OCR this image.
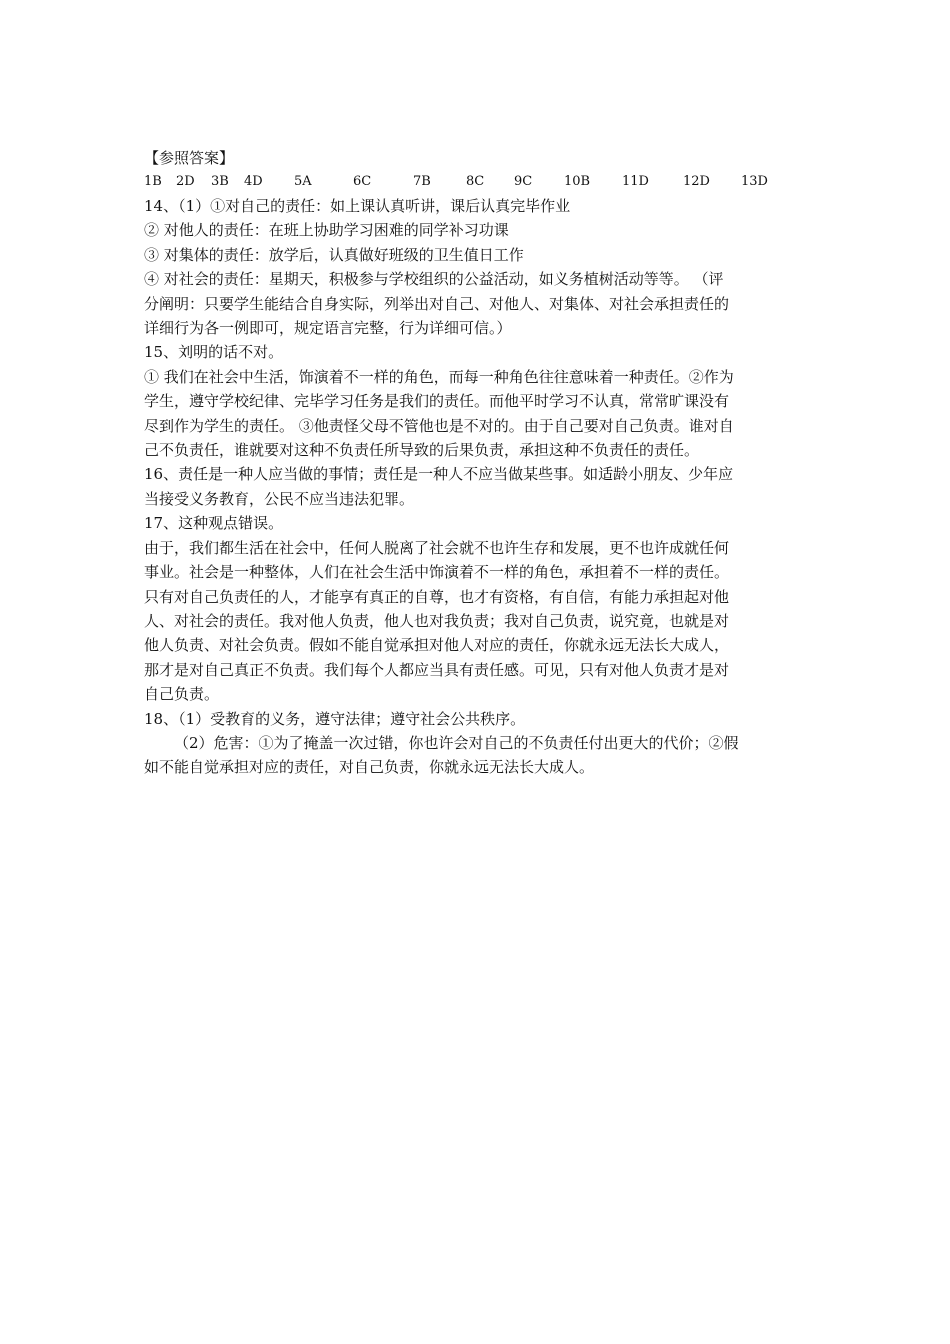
【参照答案】
1B 2D 3B 4D 5A	6C	7B	8C 9C 10B 11D	12D 13D
14、（1）①对自己的责任：如上课认真听讲，课后认真完毕作业
② 对他人的责任：在班上协助学习困难的同学补习功课
③ 对集体的责任：放学后，认真做好班级的卫生值日工作
④ 对社会的责任：星期天，积极参与学校组织的公益活动，如义务植树活动等等。 （评
分阐明：只要学生能结合自身实际，列举出对自己、对他人、对集体、对社会承担责任的
详细行为各一例即可，规定语言完整，行为详细可信。）
15、刘明的话不对。
① 我们在社会中生活，饰演着不一样的角色，而每一种角色往往意味着一种责任。②作为
学生，遵守学校纪律、完毕学习任务是我们的责任。而他平时学习不认真，常常旷课没有
尽到作为学生的责任。 ③他责怪父母不管他也是不对的。由于自己要对自己负责。谁对自
己不负责任，谁就要对这种不负责任所导致的后果负责，承担这种不负责任的责任。
16、责任是一种人应当做的事情；责任是一种人不应当做某些事。如适龄小朋友、少年应
当接受义务教育，公民不应当违法犯罪。
17、这种观点错误。
由于，我们都生活在社会中，任何人脱离了社会就不也许生存和发展，更不也许成就任何
事业。社会是一种整体，人们在社会生活中饰演着不一样的角色，承担着不一样的责任。
只有对自己负责任的人，才能享有真正的自尊，也才有资格，有自信，有能力承担起对他
人、对社会的责任。我对他人负责，他人也对我负责；我对自己负责，说究竟，也就是对
他人负责、对社会负责。假如不能自觉承担对他人对应的责任，你就永远无法长大成人，
那才是对自己真正不负责。我们每个人都应当具有责任感。可见，只有对他人负责才是对
自己负责。
18、（1）受教育的义务，遵守法律；遵守社会公共秩序。
（2）危害：①为了掩盖一次过错，你也许会对自己的不负责任付出更大的代价；②假
如不能自觉承担对应的责任，对自己负责，你就永远无法长大成人。
